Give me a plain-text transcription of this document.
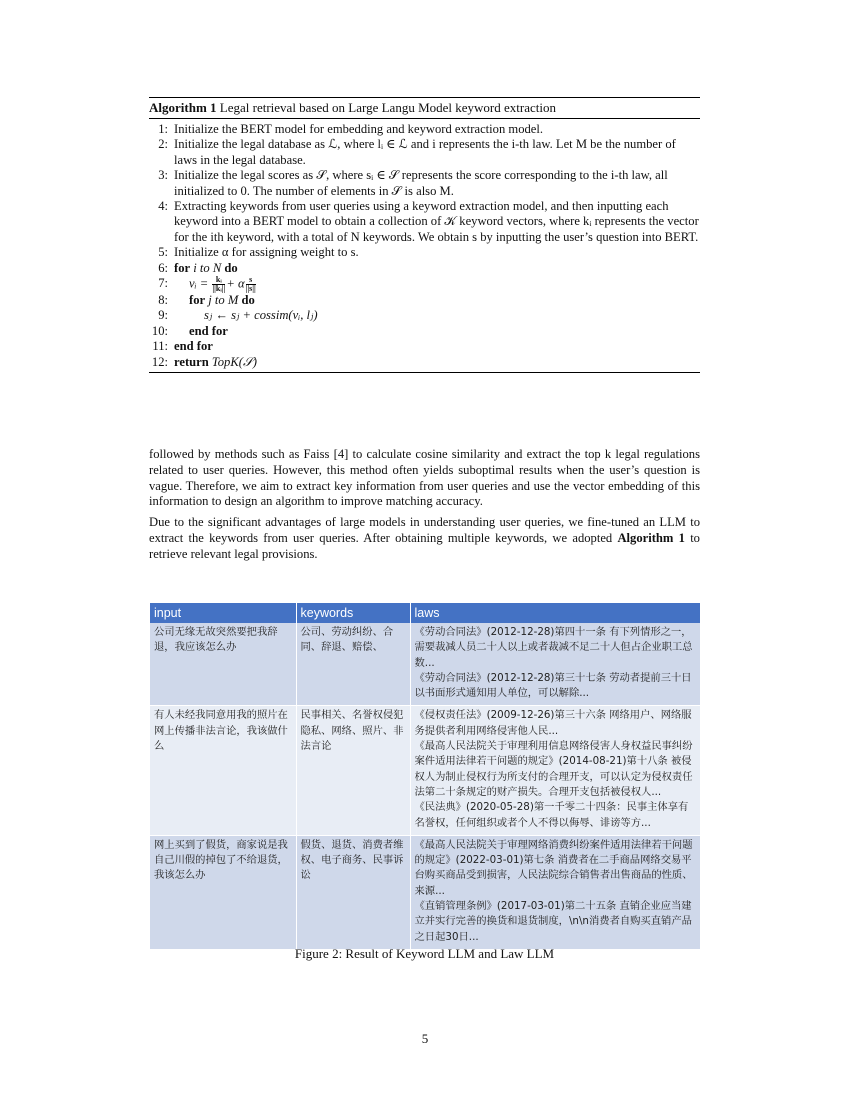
Algorithm 1 Legal retrieval based on Large Langu Model keyword extraction
1: Initialize the BERT model for embedding and keyword extraction model.
2: Initialize the legal database as ℒ, where lᵢ ∈ ℒ and i represents the i-th law. Let M be the number of laws in the legal database.
3: Initialize the legal scores as 𝒮, where sᵢ ∈ 𝒮 represents the score corresponding to the i-th law, all initialized to 0. The number of elements in 𝒮 is also M.
4: Extracting keywords from user queries using a keyword extraction model, and then inputting each keyword into a BERT model to obtain a collection of 𝒦 keyword vectors, where kᵢ represents the vector for the ith keyword, with a total of N keywords. We obtain s by inputting the user’s question into BERT.
5: Initialize α for assigning weight to s.
6: for i to N do
7: vᵢ = $\frac{\text{kᵢ}}{\text{||kᵢ||}} + \alpha \frac{s}{||s||}$
8: for j to M do
9:	sⱼ ← sⱼ + cossim(vᵢ, lⱼ)
10: end for
11: end for
12: return TopK(𝒮)
followed by methods such as Faiss [4] to calculate cosine similarity and extract the top k legal regulations related to user queries. However, this method often yields suboptimal results when the user’s question is vague. Therefore, we aim to extract key information from user queries and use the vector embedding of this information to design an algorithm to improve matching accuracy.
Due to the significant advantages of large models in understanding user queries, we fine-tuned an LLM to extract the keywords from user queries. After obtaining multiple keywords, we adopted Algorithm 1 to retrieve relevant legal provisions.
input	keywords	laws
公司无缘无故突然要把我辞退，我应该怎么办	公司、劳动纠纷、合同、辞退、赔偿、	《劳动合同法》(2012-12-28)第四十一条 有下列情形之一，需要裁减人员二十人以上或者裁减不足二十人但占企业职工总数...
《劳动合同法》(2012-12-28)第三十七条 劳动者提前三十日以书面形式通知用人单位，可以解除...
有人未经我同意用我的照片在网上传播非法言论，我该做什么	民事相关、名誉权侵犯隐私、网络、照片、非法言论	《侵权责任法》(2009-12-26)第三十六条 网络用户、网络服务提供者利用网络侵害他人民...
《最高人民法院关于审理利用信息网络侵害人身权益民事纠纷案件适用法律若干问题的规定》(2014-08-21)第十八条 被侵权人为制止侵权行为所支付的合理开支，可以认定为侵权责任法第二十条规定的财产损失。合理开支包括被侵权人...
《民法典》(2020-05-28)第一千零二十四条：民事主体享有名誉权，任何组织或者个人不得以侮辱、诽谤等方...
网上买到了假货，商家说是我自己川假的掉包了不给退货，我该怎么办	假货、退货、消费者维权、电子商务、民事诉讼	《最高人民法院关于审理网络消费纠纷案件适用法律若干问题的规定》(2022-03-01)第七条 消费者在二手商品网络交易平台购买商品受到损害，人民法院综合销售者出售商品的性质、来源...
《直销管理条例》(2017-03-01)第二十五条 直销企业应当建立并实行完善的换货和退货制度，\n\n消费者自购买直销产品之日起30日...
Figure 2: Result of Keyword LLM and Law LLM
5
